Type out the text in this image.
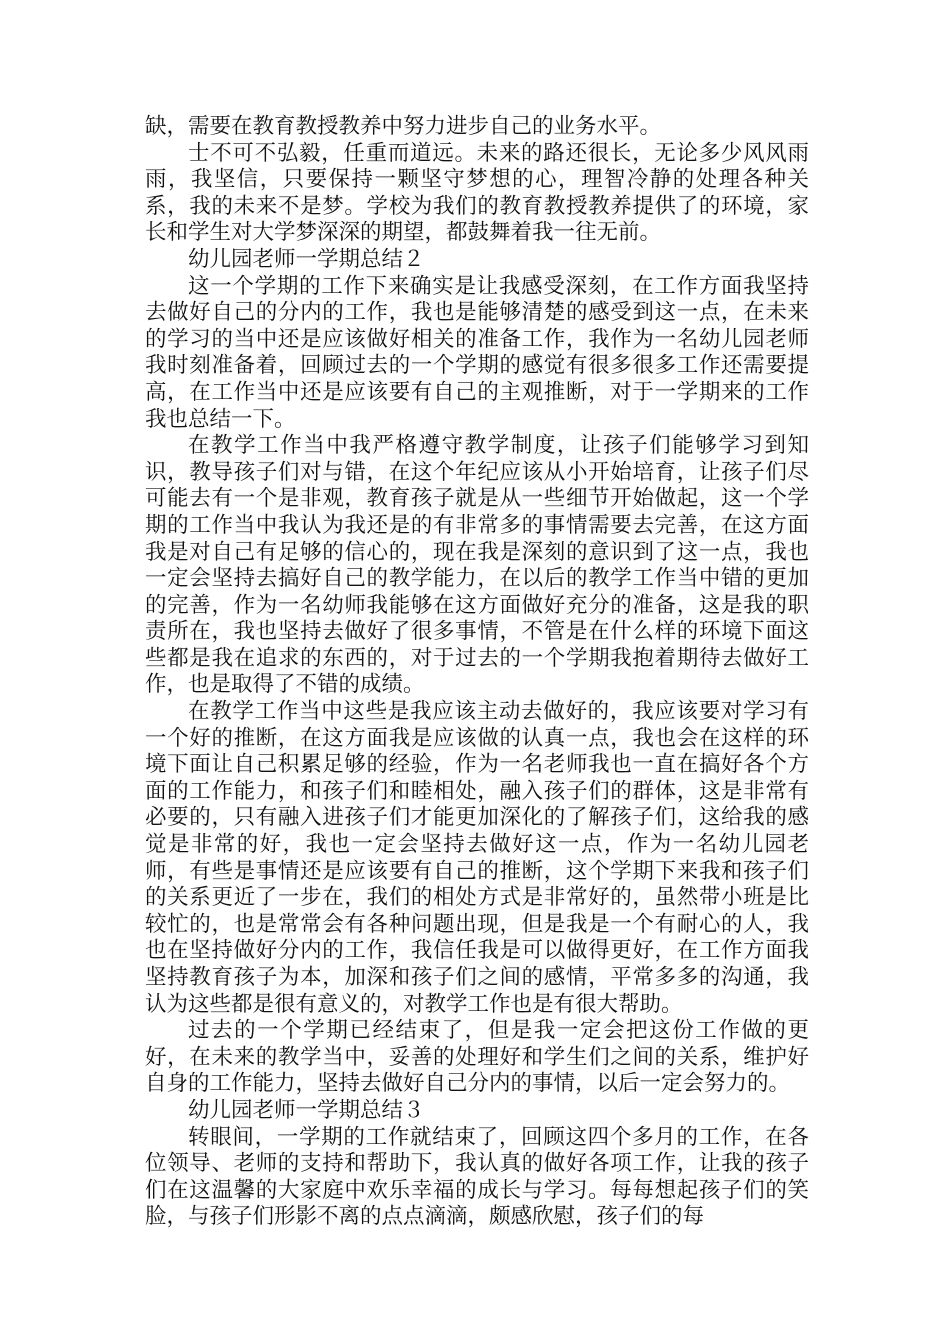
缺，需要在教育教授教养中努力进步自己的业务水平。

士不可不弘毅，任重而道远。未来的路还很长，无论多少风风雨雨，我坚信，只要保持一颗坚守梦想的心，理智冷静的处理各种关系，我的未来不是梦。学校为我们的教育教授教养提供了的环境，家长和学生对大学梦深深的期望，都鼓舞着我一往无前。

幼儿园老师一学期总结２

这一个学期的工作下来确实是让我感受深刻，在工作方面我坚持去做好自己的分内的工作，我也是能够清楚的感受到这一点，在未来的学习的当中还是应该做好相关的准备工作，我作为一名幼儿园老师我时刻准备着，回顾过去的一个学期的感觉有很多很多工作还需要提高，在工作当中还是应该要有自己的主观推断，对于一学期来的工作我也总结一下。

在教学工作当中我严格遵守教学制度，让孩子们能够学习到知识，教导孩子们对与错，在这个年纪应该从小开始培育，让孩子们尽可能去有一个是非观，教育孩子就是从一些细节开始做起，这一个学期的工作当中我认为我还是的有非常多的事情需要去完善，在这方面我是对自己有足够的信心的，现在我是深刻的意识到了这一点，我也一定会坚持去搞好自己的教学能力，在以后的教学工作当中错的更加的完善，作为一名幼师我能够在这方面做好充分的准备，这是我的职责所在，我也坚持去做好了很多事情，不管是在什么样的环境下面这些都是我在追求的东西的，对于过去的一个学期我抱着期待去做好工作，也是取得了不错的成绩。

在教学工作当中这些是我应该主动去做好的，我应该要对学习有一个好的推断，在这方面我是应该做的认真一点，我也会在这样的环境下面让自己积累足够的经验，作为一名老师我也一直在搞好各个方面的工作能力，和孩子们和睦相处，融入孩子们的群体，这是非常有必要的，只有融入进孩子们才能更加深化的了解孩子们，这给我的感觉是非常的好，我也一定会坚持去做好这一点，作为一名幼儿园老师，有些是事情还是应该要有自己的推断，这个学期下来我和孩子们的关系更近了一步在，我们的相处方式是非常好的，虽然带小班是比较忙的，也是常常会有各种问题出现，但是我是一个有耐心的人，我也在坚持做好分内的工作，我信任我是可以做得更好，在工作方面我坚持教育孩子为本，加深和孩子们之间的感情，平常多多的沟通，我认为这些都是很有意义的，对教学工作也是有很大帮助。

过去的一个学期已经结束了，但是我一定会把这份工作做的更好，在未来的教学当中，妥善的处理好和学生们之间的关系，维护好自身的工作能力，坚持去做好自己分内的事情，以后一定会努力的。

幼儿园老师一学期总结３

转眼间，一学期的工作就结束了，回顾这四个多月的工作，在各位领导、老师的支持和帮助下，我认真的做好各项工作，让我的孩子们在这温馨的大家庭中欢乐幸福的成长与学习。每每想起孩子们的笑脸，与孩子们形影不离的点点滴滴，颇感欣慰，孩子们的每
